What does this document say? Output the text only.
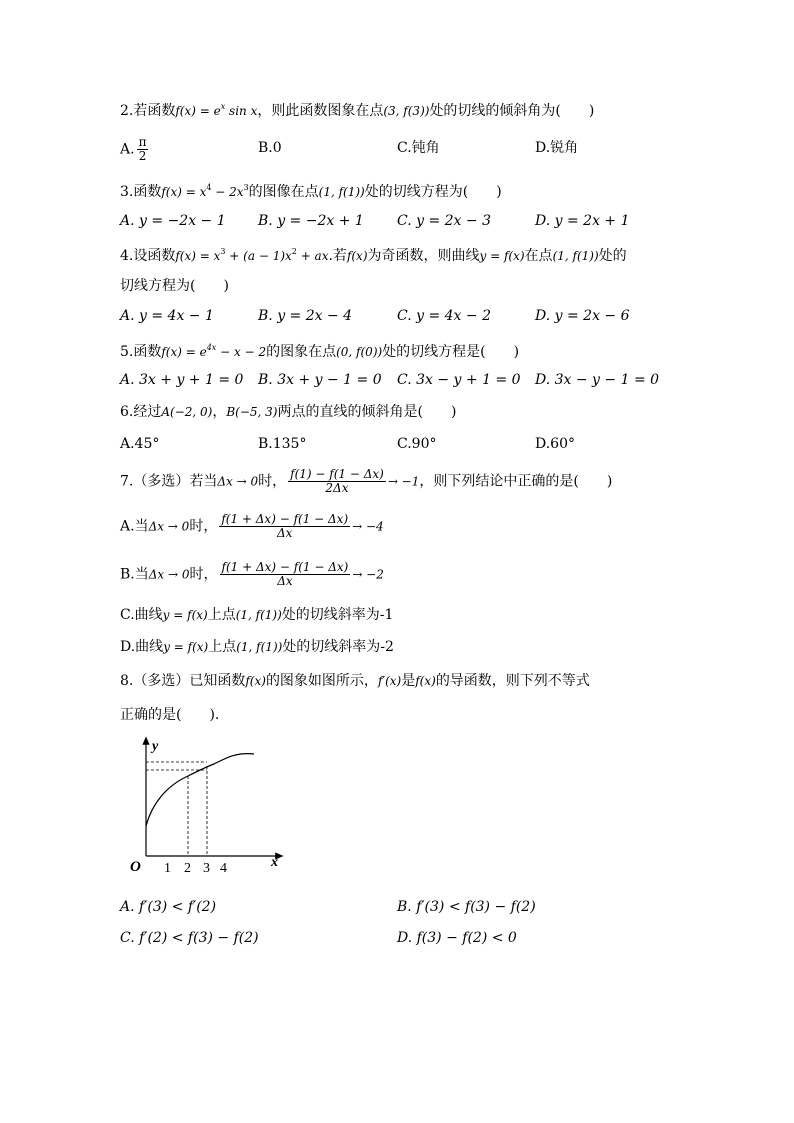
2.若函数$f(x) = e^x$ sin x，则此函数图象在点(3, f(3))处的切线的倾斜角为(　　)
A. $\frac{\pi}{2}$	B.0	C.钝角	D.锐角
3.函数$f(x) = x^4 - 2x^3$的图像在点(1, f(1))处的切线方程为(　　)
A. y = −2x − 1 B. y = −2x + 1 C. y = 2x − 3	D. y = 2x + 1
4.设函数$f(x) = x^3 + (a - 1)x^2$ + ax.若f(x)为奇函数，则曲线y = f(x)在点(1, f(1))处的
切线方程为(　　)
A. y = 4x − 1	B. y = 2x − 4	C. y = 4x − 2	D. y = 2x − 6
5.函数$f(x) = e^{4x} - x - 2$的图象在点(0, f(0))处的切线方程是(　　)
A. 3x + y + 1 = 0 B. 3x + y − 1 = 0 C. 3x − y + 1 = 0 D. 3x − y − 1 = 0
6.经过A(−2, 0)，B(−5, 3)两点的直线的倾斜角是(　　)
A.45°	B.135°	C.90°	D.60°
7.（多选）若当Δx → 0时， $\frac{f(1) - f(1 - \Delta x)}{2\Delta x} \to -1$，则下列结论中正确的是(　　)
A.当Δx → 0时， $\frac{f(1 + \Delta x) - f(1 - \Delta x)}{\Delta x} \to -4$
B.当Δx → 0时， $\frac{f(1 + \Delta x) - f(1 - \Delta x)}{\Delta x} \to -2$
C.曲线y = f(x)上点(1, f(1))处的切线斜率为-1
D.曲线y = f(x)上点(1, f(1))处的切线斜率为-2
8.（多选）已知函数f(x)的图象如图所示，f′(x)是f(x)的导函数，则下列不等式
正确的是(　　).
y
x
O 1 2 3 4
A. f′(3) < f′(2)	B. f′(3) < f(3) − f(2)
C. f′(2) < f(3) − f(2)	D. f(3) − f(2) < 0
